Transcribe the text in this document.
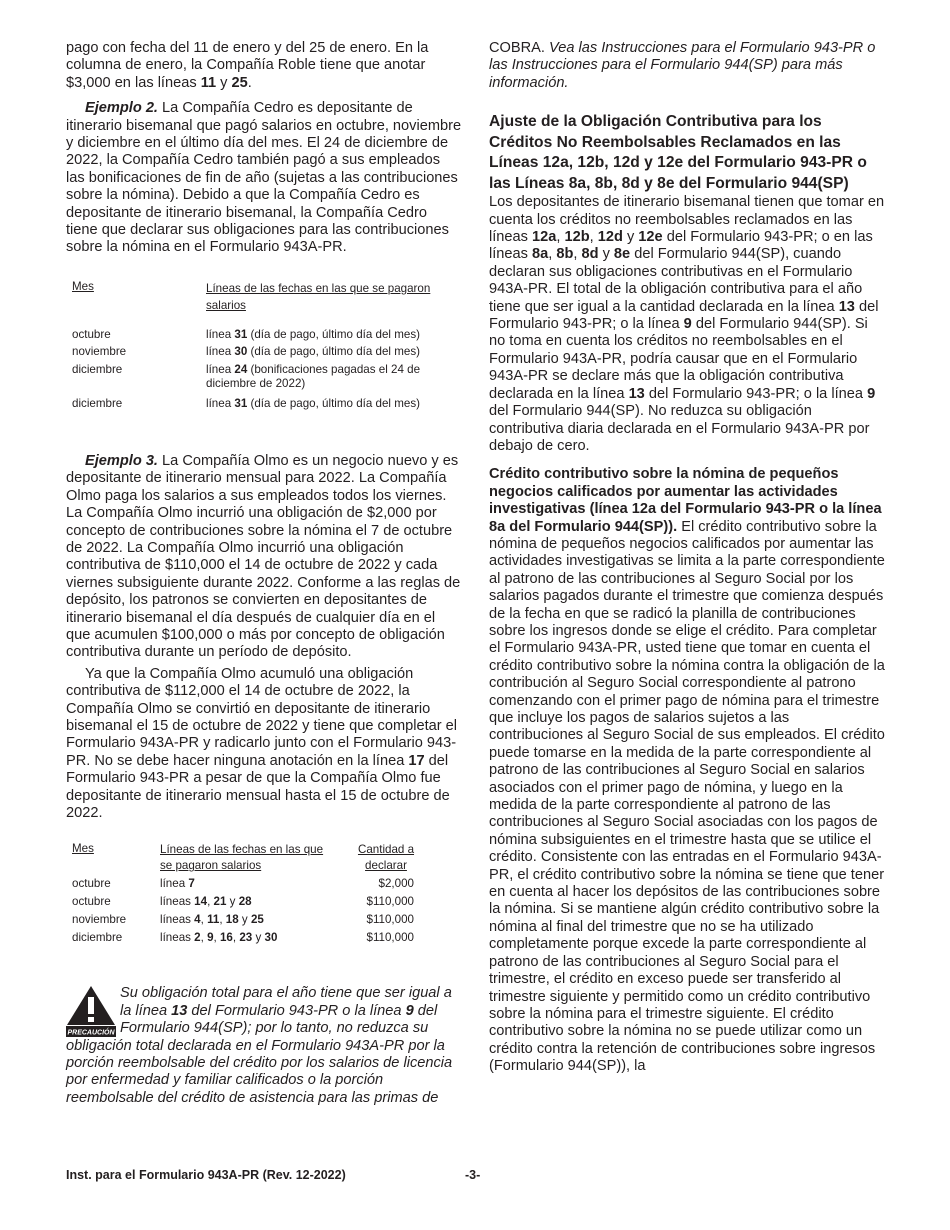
pago con fecha del 11 de enero y del 25 de enero. En la columna de enero, la Compañía Roble tiene que anotar $3,000 en las líneas 11 y 25.

Ejemplo 2. La Compañía Cedro es depositante de itinerario bisemanal que pagó salarios en octubre, noviembre y diciembre en el último día del mes. El 24 de diciembre de 2022, la Compañía Cedro también pagó a sus empleados las bonificaciones de fin de año (sujetas a las contribuciones sobre la nómina). Debido a que la Compañía Cedro es depositante de itinerario bisemanal, la Compañía Cedro tiene que declarar sus obligaciones para las contribuciones sobre la nómina en el Formulario 943A-PR.

Mes	Líneas de las fechas en las que se pagaron salarios
octubre	línea 31 (día de pago, último día del mes)
noviembre	línea 30 (día de pago, último día del mes)
diciembre	línea 24 (bonificaciones pagadas el 24 de diciembre de 2022)
diciembre	línea 31 (día de pago, último día del mes)

Ejemplo 3. La Compañía Olmo es un negocio nuevo y es depositante de itinerario mensual para 2022. La Compañía Olmo paga los salarios a sus empleados todos los viernes. La Compañía Olmo incurrió una obligación de $2,000 por concepto de contribuciones sobre la nómina el 7 de octubre de 2022. La Compañía Olmo incurrió una obligación contributiva de $110,000 el 14 de octubre de 2022 y cada viernes subsiguiente durante 2022. Conforme a las reglas de depósito, los patronos se convierten en depositantes de itinerario bisemanal el día después de cualquier día en el que acumulen $100,000 o más por concepto de obligación contributiva durante un período de depósito.

Ya que la Compañía Olmo acumuló una obligación contributiva de $112,000 el 14 de octubre de 2022, la Compañía Olmo se convirtió en depositante de itinerario bisemanal el 15 de octubre de 2022 y tiene que completar el Formulario 943A-PR y radicarlo junto con el Formulario 943-PR. No se debe hacer ninguna anotación en la línea 17 del Formulario 943-PR a pesar de que la Compañía Olmo fue depositante de itinerario mensual hasta el 15 de octubre de 2022.

Mes	Líneas de las fechas en las que se pagaron salarios	Cantidad a declarar
octubre	línea 7	$2,000
octubre	líneas 14, 21 y 28	$110,000
noviembre	líneas 4, 11, 18 y 25	$110,000
diciembre	líneas 2, 9, 16, 23 y 30	$110,000
PRECAUCIÓN
Su obligación total para el año tiene que ser igual a la línea 13 del Formulario 943-PR o la línea 9 del Formulario 944(SP); por lo tanto, no reduzca su obligación total declarada en el Formulario 943A-PR por la porción reembolsable del crédito por los salarios de licencia por enfermedad y familiar calificados o la porción reembolsable del crédito de asistencia para las primas de

COBRA. Vea las Instrucciones para el Formulario 943-PR o las Instrucciones para el Formulario 944(SP) para más información.

Ajuste de la Obligación Contributiva para los Créditos No Reembolsables Reclamados en las Líneas 12a, 12b, 12d y 12e del Formulario 943-PR o las Líneas 8a, 8b, 8d y 8e del Formulario 944(SP)

Los depositantes de itinerario bisemanal tienen que tomar en cuenta los créditos no reembolsables reclamados en las líneas 12a, 12b, 12d y 12e del Formulario 943-PR; o en las líneas 8a, 8b, 8d y 8e del Formulario 944(SP), cuando declaran sus obligaciones contributivas en el Formulario 943A-PR. El total de la obligación contributiva para el año tiene que ser igual a la cantidad declarada en la línea 13 del Formulario 943-PR; o la línea 9 del Formulario 944(SP). Si no toma en cuenta los créditos no reembolsables en el Formulario 943A-PR, podría causar que en el Formulario 943A-PR se declare más que la obligación contributiva declarada en la línea 13 del Formulario 943-PR; o la línea 9 del Formulario 944(SP). No reduzca su obligación contributiva diaria declarada en el Formulario 943A-PR por debajo de cero.

Crédito contributivo sobre la nómina de pequeños negocios calificados por aumentar las actividades investigativas (línea 12a del Formulario 943-PR o la línea 8a del Formulario 944(SP)). El crédito contributivo sobre la nómina de pequeños negocios calificados por aumentar las actividades investigativas se limita a la parte correspondiente al patrono de las contribuciones al Seguro Social por los salarios pagados durante el trimestre que comienza después de la fecha en que se radicó la planilla de contribuciones sobre los ingresos donde se elige el crédito. Para completar el Formulario 943A-PR, usted tiene que tomar en cuenta el crédito contributivo sobre la nómina contra la obligación de la contribución al Seguro Social correspondiente al patrono comenzando con el primer pago de nómina para el trimestre que incluye los pagos de salarios sujetos a las contribuciones al Seguro Social de sus empleados. El crédito puede tomarse en la medida de la parte correspondiente al patrono de las contribuciones al Seguro Social en salarios asociados con el primer pago de nómina, y luego en la medida de la parte correspondiente al patrono de las contribuciones al Seguro Social asociadas con los pagos de nómina subsiguientes en el trimestre hasta que se utilice el crédito. Consistente con las entradas en el Formulario 943A-PR, el crédito contributivo sobre la nómina se tiene que tener en cuenta al hacer los depósitos de las contribuciones sobre la nómina. Si se mantiene algún crédito contributivo sobre la nómina al final del trimestre que no se ha utilizado completamente porque excede la parte correspondiente al patrono de las contribuciones al Seguro Social para el trimestre, el crédito en exceso puede ser transferido al trimestre siguiente y permitido como un crédito contributivo sobre la nómina para el trimestre siguiente. El crédito contributivo sobre la nómina no se puede utilizar como un crédito contra la retención de contribuciones sobre ingresos (Formulario 944(SP)), la

Inst. para el Formulario 943A-PR (Rev. 12-2022)	-3-
